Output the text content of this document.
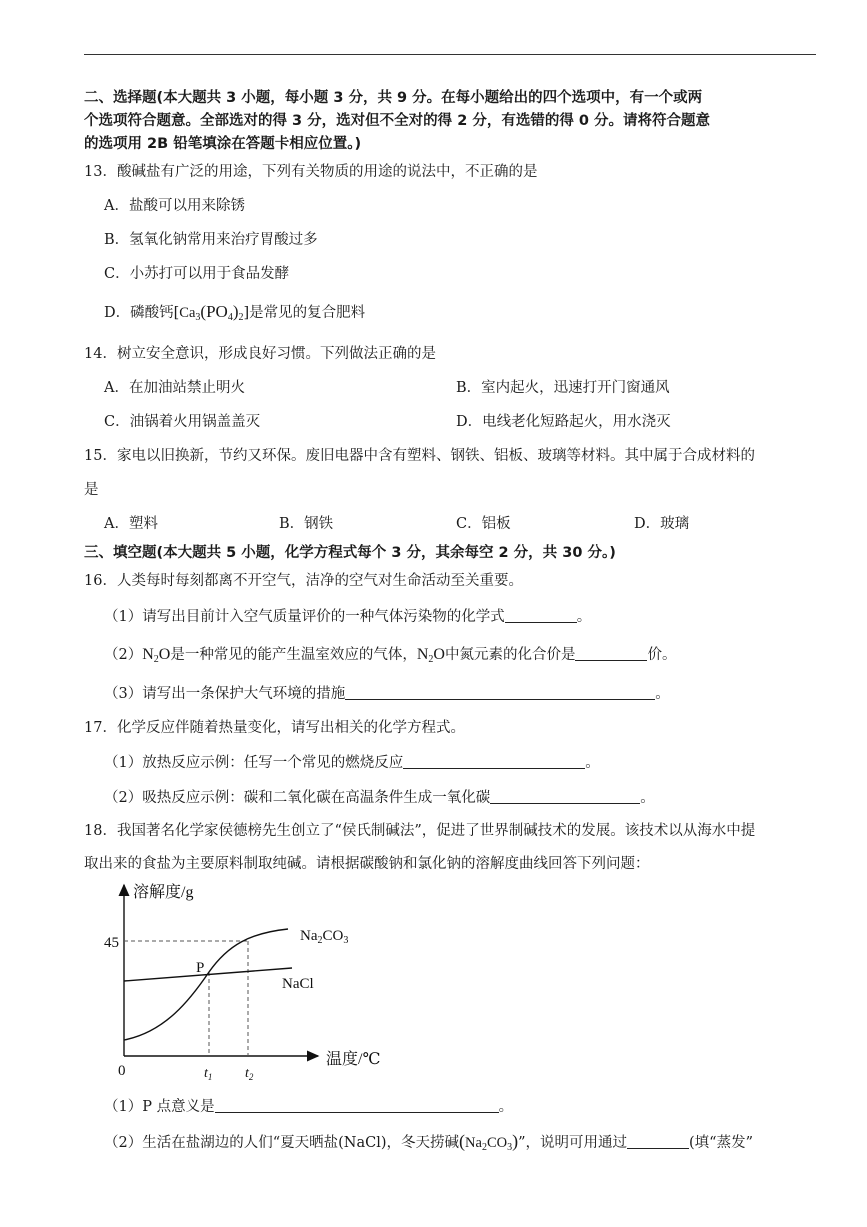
二、选择题(本大题共 3 小题，每小题 3 分，共 9 分。在每小题给出的四个选项中，有一个或两
个选项符合题意。全部选对的得 3 分，选对但不全对的得 2 分，有选错的得 0 分。请将符合题意
的选项用 2B 铅笔填涂在答题卡相应位置。)
13．酸碱盐有广泛的用途，下列有关物质的用途的说法中，不正确的是
A．盐酸可以用来除锈
B．氢氧化钠常用来治疗胃酸过多
C．小苏打可以用于食品发酵
D．磷酸钙$[Ca_3(PO_4)_2]$是常见的复合肥料
14．树立安全意识，形成良好习惯。下列做法正确的是
A．在加油站禁止明火	B．室内起火，迅速打开门窗通风
C．油锅着火用锅盖盖灭	D．电线老化短路起火，用水浇灭
15．家电以旧换新，节约又环保。废旧电器中含有塑料、钢铁、铝板、玻璃等材料。其中属于合成材料的
是
A．塑料	B．钢铁	C．铝板	D．玻璃
三、填空题(本大题共 5 小题，化学方程式每个 3 分，其余每空 2 分，共 30 分。)
16．人类每时每刻都离不开空气，洁净的空气对生命活动至关重要。
（1）请写出目前计入空气质量评价的一种气体污染物的化学式	。
$(2)N_2O$是一种常见的能产生温室效应的气体，$N_2O$中氮元素的化合价是	价。
（3）请写出一条保护大气环境的措施	。
17．化学反应伴随着热量变化，请写出相关的化学方程式。
（1）放热反应示例：任写一个常见的燃烧反应	。
（2）吸热反应示例：碳和二氧化碳在高温条件生成一氧化碳	。
18．我国著名化学家侯德榜先生创立了“侯氏制碱法”，促进了世界制碱技术的发展。该技术以从海水中提
取出来的食盐为主要原料制取纯碱。请根据碳酸钠和氯化钠的溶解度曲线回答下列问题：
溶解度/g
温度/℃
0
45
$t_1$ $t_2$
P
$Na_2CO_3$
NaCl
（1）P 点意义是	。
（2）生活在盐湖边的人们“夏天晒盐(NaCl)，冬天捞碱$(Na_2CO_3)$”，说明可用通过	(填“蒸发”
